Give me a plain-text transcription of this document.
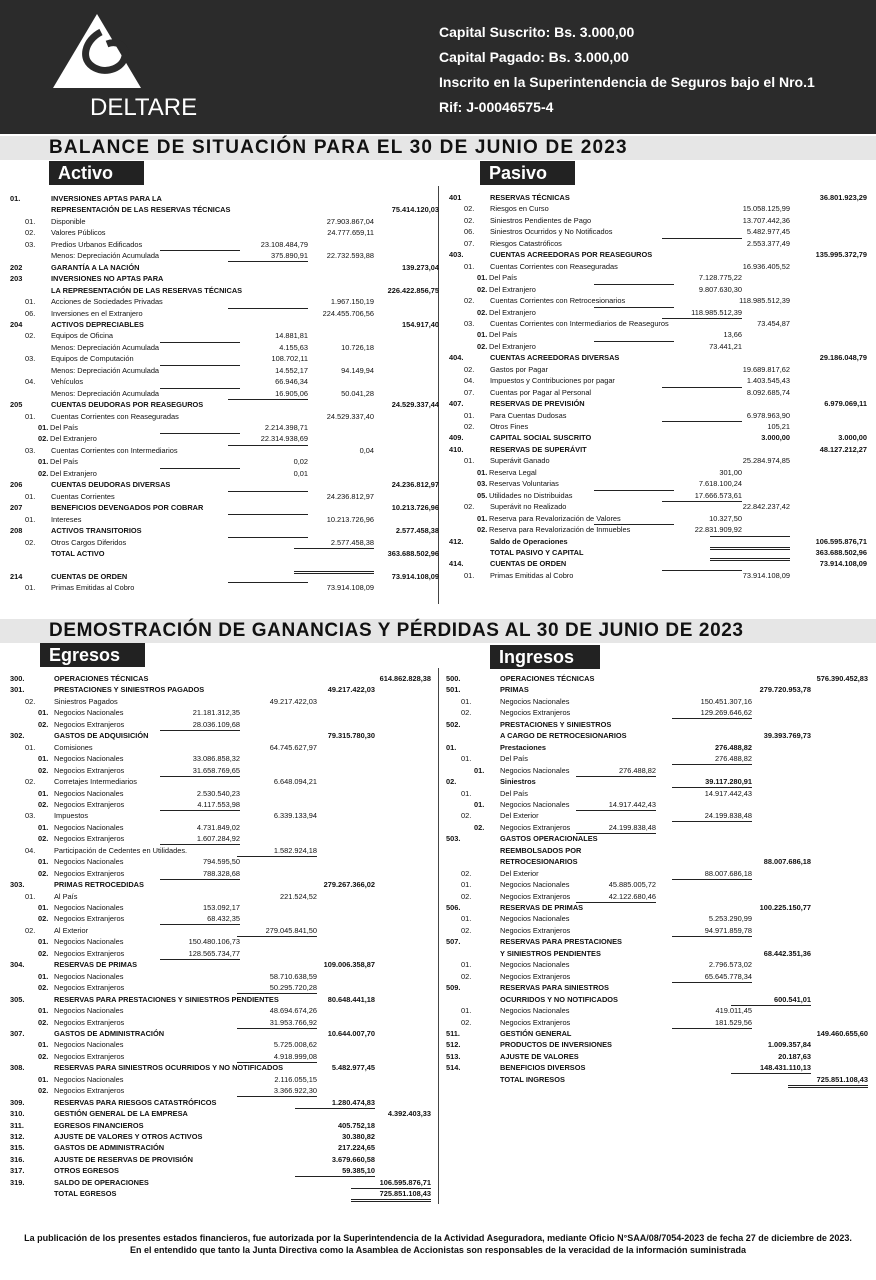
DELTARE
Capital Suscrito: Bs. 3.000,00
Capital Pagado: Bs. 3.000,00
Inscrito en la Superintendencia de Seguros bajo el Nro.1
Rif: J-00046575-4
BALANCE DE SITUACIÓN PARA EL 30 DE JUNIO DE 2023
Activo	Pasivo
01.	INVERSIONES APTAS PARA LA
REPRESENTACIÓN DE LAS RESERVAS TÉCNICAS	75.414.120,03
01. Disponible	27.903.867,04
02. Valores Públicos	24.777.659,11
03. Predios Urbanos Edificados	23.108.484,79
Menos: Depreciación Acumulada	375.890,91	22.732.593,88
202	GARANTÍA A LA NACIÓN	139.273,04
203	INVERSIONES NO APTAS PARA
LA REPRESENTACIÓN DE LAS RESERVAS TÉCNICAS	226.422.856,75
01. Acciones de Sociedades Privadas	1.967.150,19
06. Inversiones en el Extranjero	224.455.706,56
204	ACTIVOS DEPRECIABLES	154.917,40
02. Equipos de Oficina	14.881,81
Menos: Depreciación Acumulada	4.155,63	10.726,18
03. Equipos de Computación	108.702,11
Menos: Depreciación Acumulada	14.552,17	94.149,94
04. Vehículos	66.946,34
Menos: Depreciación Acumulada	16.905,06	50.041,28
205	CUENTAS DEUDORAS POR REASEGUROS	24.529.337,44
01. Cuentas Corrientes con Reaseguradas	24.529.337,40
01. Del País	2.214.398,71
02. Del Extranjero	22.314.938,69
03. Cuentas Corrientes con Intermediarios	0,04
01. Del País	0,02
02. Del Extranjero	0,01
206	CUENTAS DEUDORAS DIVERSAS	24.236.812,97
01. Cuentas Corrientes	24.236.812,97
207	BENEFICIOS DEVENGADOS POR COBRAR	10.213.726,96
01. Intereses	10.213.726,96
208	ACTIVOS TRANSITORIOS	2.577.458,38
02. Otros Cargos Diferidos	2.577.458,38
TOTAL ACTIVO	363.688.502,96
214	CUENTAS DE ORDEN	73.914.108,09
01. Primas Emitidas al Cobro	73.914.108,09
401	RESERVAS TÉCNICAS	36.801.923,29
02. Riesgos en Curso	15.058.125,99
02. Siniestros Pendientes de Pago	13.707.442,36
06. Siniestros Ocurridos y No Notificados	5.482.977,45
07. Riesgos Catastróficos	2.553.377,49
403.	CUENTAS ACREEDORAS POR REASEGUROS	135.995.372,79
01. Cuentas Corrientes con Reaseguradas	16.936.405,52
01. Del País	7.128.775,22
02. Del Extranjero	9.807.630,30
02. Cuentas Corrientes con Retrocesionarios	118.985.512,39
02. Del Extranjero	118.985.512,39
03. Cuentas Corrientes con Intermediarios de Reaseguros	73.454,87
01. Del País	13,66
02. Del Extranjero	73.441,21
404.	CUENTAS ACREEDORAS DIVERSAS	29.186.048,79
02. Gastos por Pagar	19.689.817,62
04. Impuestos y Contribuciones por pagar	1.403.545,43
07. Cuentas por Pagar al Personal	8.092.685,74
407.	RESERVAS DE PREVISIÓN	6.979.069,11
01. Para Cuentas Dudosas	6.978.963,90
02. Otros Fines	105,21
409.	CAPITAL SOCIAL SUSCRITO	3.000,00	3.000,00
410.	RESERVAS DE SUPERÁVIT	48.127.212,27
01. Superávit Ganado	25.284.974,85
01. Reserva Legal	301,00
03. Reservas Voluntarias	7.618.100,24
05. Utilidades no Distribuidas	17.666.573,61
02. Superávit no Realizado	22.842.237,42
01. Reserva para Revalorización de Valores	10.327,50
02. Reserva para Revalorización de Inmuebles	22.831.909,92
412.	Saldo de Operaciones	106.595.876,71
TOTAL PASIVO Y CAPITAL	363.688.502,96
414.	CUENTAS DE ORDEN	73.914.108,09
01. Primas Emitidas al Cobro	73.914.108,09
DEMOSTRACIÓN DE GANANCIAS Y PÉRDIDAS AL 30 DE JUNIO DE 2023
Egresos	Ingresos
300.	OPERACIONES TÉCNICAS	614.862.828,38
301.	PRESTACIONES Y SINIESTROS PAGADOS	49.217.422,03
02.	Siniestros Pagados	49.217.422,03
01. Negocios Nacionales	21.181.312,35
02. Negocios Extranjeros	28.036.109,68
302.	GASTOS DE ADQUISICIÓN	79.315.780,30
01.	Comisiones	64.745.627,97
01. Negocios Nacionales	33.086.858,32
02. Negocios Extranjeros	31.658.769,65
02.	Corretajes Intermediarios	6.648.094,21
01. Negocios Nacionales	2.530.540,23
02. Negocios Extranjeros	4.117.553,98
03.	Impuestos	6.339.133,94
01. Negocios Nacionales	4.731.849,02
02. Negocios Extranjeros	1.607.284,92
04.	Participación de Cedentes en Utilidades.	1.582.924,18
01. Negocios Nacionales	794.595,50
02. Negocios Extranjeros	788.328,68
303.	PRIMAS RETROCEDIDAS	279.267.366,02
01.	Al País	221.524,52
01. Negocios Nacionales	153.092,17
02. Negocios Extranjeros	68.432,35
02.	Al Exterior	279.045.841,50
01. Negocios Nacionales	150.480.106,73
02. Negocios Extranjeros	128.565.734,77
304.	RESERVAS DE PRIMAS	109.006.358,87
01. Negocios Nacionales	58.710.638,59
02. Negocios Extranjeros	50.295.720,28
305.	RESERVAS PARA PRESTACIONES Y SINIESTROS PENDIENTES	80.648.441,18
01. Negocios Nacionales	48.694.674,26
02. Negocios Extranjeros	31.953.766,92
307.	GASTOS DE ADMINISTRACIÓN	10.644.007,70
01. Negocios Nacionales	5.725.008,62
02. Negocios Extranjeros	4.918.999,08
308.	RESERVAS PARA SINIESTROS OCURRIDOS Y NO NOTIFICADOS	5.482.977,45
01. Negocios Nacionales	2.116.055,15
02. Negocios Extranjeros	3.366.922,30
309.	RESERVAS PARA RIESGOS CATASTRÓFICOS	1.280.474,83
310.	GESTIÓN GENERAL DE LA EMPRESA	4.392.403,33
311.	EGRESOS FINANCIEROS	405.752,18
312.	AJUSTE DE VALORES Y OTROS ACTIVOS	30.380,82
315.	GASTOS DE ADMINISTRACIÓN	217.224,65
316.	AJUSTE DE RESERVAS DE PROVISIÓN	3.679.660,58
317.	OTROS EGRESOS	59.385,10
319.	SALDO DE OPERACIONES	106.595.876,71
TOTAL EGRESOS	725.851.108,43
500.	OPERACIONES TÉCNICAS	576.390.452,83
501.	PRIMAS	279.720.953,78
01.	Negocios Nacionales	150.451.307,16
02.	Negocios Extranjeros	129.269.646,62
502.	PRESTACIONES Y SINIESTROS
A CARGO DE RETROCESIONARIOS	39.393.769,73
01.	Prestaciones	276.488,82
01.	Del País	276.488,82
01. Negocios Nacionales	276.488,82
02.	Siniestros	39.117.280,91
01.	Del País	14.917.442,43
01. Negocios Nacionales	14.917.442,43
02.	Del Exterior	24.199.838,48
02. Negocios Extranjeros	24.199.838,48
503.	GASTOS OPERACIONALES
REEMBOLSADOS POR
RETROCESIONARIOS	88.007.686,18
02.	Del Exterior	88.007.686,18
01.	Negocios Nacionales	45.885.005,72
02.	Negocios Extranjeros	42.122.680,46
506.	RESERVAS DE PRIMAS	100.225.150,77
01.	Negocios Nacionales	5.253.290,99
02.	Negocios Extranjeros	94.971.859,78
507.	RESERVAS PARA PRESTACIONES
Y SINIESTROS PENDIENTES	68.442.351,36
01.	Negocios Nacionales	2.796.573,02
02.	Negocios Extranjeros	65.645.778,34
509.	RESERVAS PARA SINIESTROS
OCURRIDOS Y NO NOTIFICADOS	600.541,01
01.	Negocios Nacionales	419.011,45
02.	Negocios Extranjeros	181.529,56
511.	GESTIÓN GENERAL	149.460.655,60
512.	PRODUCTOS DE INVERSIONES	1.009.357,84
513.	AJUSTE DE VALORES	20.187,63
514.	BENEFICIOS DIVERSOS	148.431.110,13
TOTAL INGRESOS	725.851.108,43
La publicación de los presentes estados financieros, fue autorizada por la Superintendencia de la Actividad Aseguradora, mediante Oficio N°SAA/08/7054-2023 de fecha 27 de diciembre de 2023.
En el entendido que tanto la Junta Directiva como la Asamblea de Accionistas son responsables de la veracidad de la información suministrada
